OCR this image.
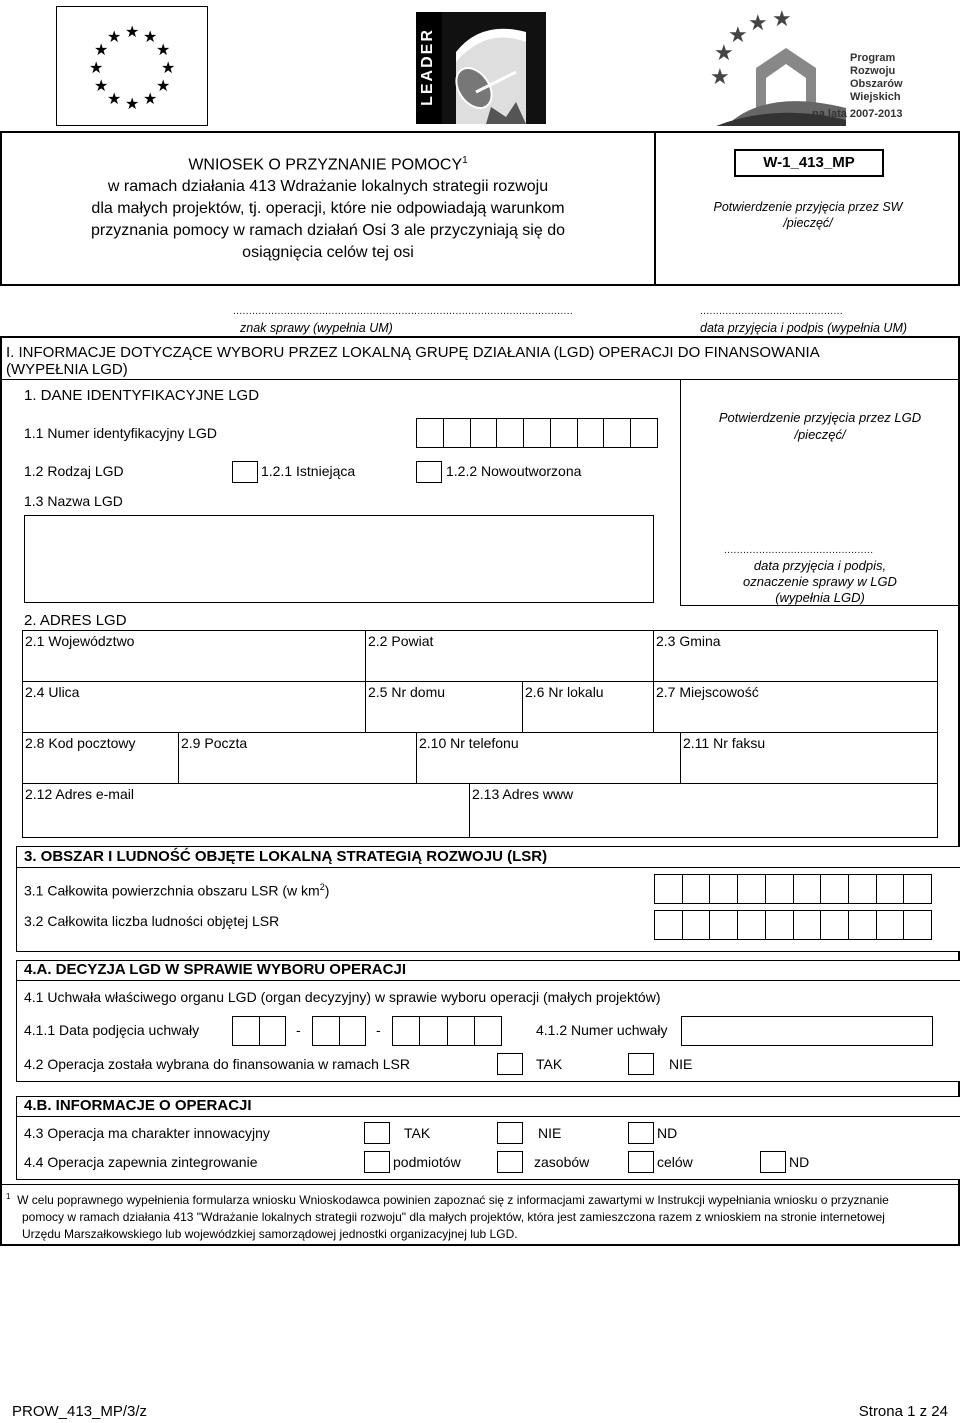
★ ★
★
★
★
★
★
★
★
★
★
★	LEADER	★
★ ★ ★
★
Program
Rozwoju
Obszarów
Wiejskich
na lata 2007-2013
WNIOSEK O PRZYZNANIE POMOCY$^1$
w ramach działania 413 Wdrażanie lokalnych strategii rozwoju
dla małych projektów, tj. operacji, które nie odpowiadają warunkom
przyznania pomocy w ramach działań Osi 3 ale przyczyniają się do
osiągnięcia celów tej osi
W-1_413_MP
Potwierdzenie przyjęcia przez SW
/pieczęć/
...........................................................................................................
znak sprawy (wypełnia UM)
.............................................
data przyjęcia i podpis (wypełnia UM)
I. INFORMACJE DOTYCZĄCE WYBORU PRZEZ LOKALNĄ GRUPĘ DZIAŁANIA (LGD) OPERACJI DO FINANSOWANIA
(WYPEŁNIA LGD)
1. DANE IDENTYFIKACYJNE LGD
Potwierdzenie przyjęcia przez LGD
/pieczęć/
1.1 Numer identyfikacyjny LGD
1.2 Rodzaj LGD	1.2.1 Istniejąca	1.2.2 Nowoutworzona
1.3 Nazwa LGD
...............................................
data przyjęcia i podpis,
oznaczenie sprawy w LGD
(wypełnia LGD)
2. ADRES LGD
2.1 Województwo	2.2 Powiat	2.3 Gmina
2.4 Ulica	2.5 Nr domu	2.6 Nr lokalu	2.7 Miejscowość
2.8 Kod pocztowy	2.9 Poczta	2.10 Nr telefonu	2.11 Nr faksu
2.12 Adres e-mail	2.13 Adres www
3. OBSZAR I LUDNOŚĆ OBJĘTE LOKALNĄ STRATEGIĄ ROZWOJU (LSR)
3.1 Całkowita powierzchnia obszaru LSR (w $km^2$)
3.2 Całkowita liczba ludności objętej LSR
4.A. DECYZJA LGD W SPRAWIE WYBORU OPERACJI
4.1 Uchwała właściwego organu LGD (organ decyzyjny) w sprawie wyboru operacji (małych projektów)
4.1.1 Data podjęcia uchwały	-	-	4.1.2 Numer uchwały
4.2 Operacja została wybrana do finansowania w ramach LSR	TAK	NIE
4.B. INFORMACJE O OPERACJI
4.3 Operacja ma charakter innowacyjny	TAK	NIE	ND
4.4 Operacja zapewnia zintegrowanie	podmiotów	zasobów	celów	ND
$^1$ W celu poprawnego wypełnienia formularza wniosku Wnioskodawca powinien zapoznać się z informacjami zawartymi w Instrukcji wypełniania wniosku o przyznanie
pomocy w ramach działania 413 "Wdrażanie lokalnych strategii rozwoju" dla małych projektów, która jest zamieszczona razem z wnioskiem na stronie internetowej
Urzędu Marszałkowskiego lub wojewódzkiej samorządowej jednostki organizacyjnej lub LGD.
PROW_413_MP/3/z	Strona 1 z 24
